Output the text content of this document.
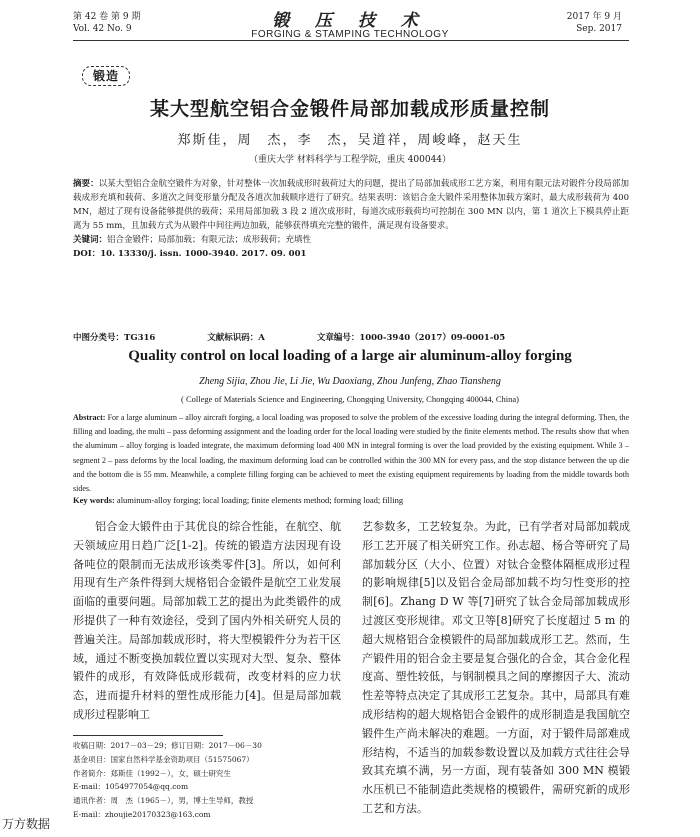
第 42 卷 第 9 期
Vol. 42 No. 9	锻 压 技 术
FORGING & STAMPING TECHNOLOGY
2017 年 9 月
Sep. 2017
锻造
某大型航空铝合金锻件局部加载成形质量控制
郑斯佳，周　杰，李　杰，吴道祥，周峻峰，赵天生
（重庆大学 材料科学与工程学院，重庆 400044）
摘要：以某大型铝合金航空锻件为对象，针对整体一次加载成形时载荷过大的问题，提出了局部加载成形工艺方案，利用有限元法对锻件分段局部加载成形充填和载荷、多道次之间变形量分配及各道次加载顺序进行了研究。结果表明：该铝合金大锻件采用整体加载方案时，最大成形载荷为 400 MN，超过了现有设备能够提供的载荷；采用局部加载 3 段 2 道次成形时，每道次成形载荷均可控制在 300 MN 以内，第 1 道次上下模具停止距离为 55 mm，且加载方式为从锻件中间往两边加载，能够获得填充完整的锻件，满足现有设备要求。
关键词：铝合金锻件；局部加载；有限元法；成形载荷；充填性
DOI：10. 13330/j. issn. 1000-3940. 2017. 09. 001
中图分类号：TG316	文献标识码：A	文章编号：1000-3940（2017）09-0001-05
Quality control on local loading of a large air aluminum-alloy forging
Zheng Sijia, Zhou Jie, Li Jie, Wu Daoxiang, Zhou Junfeng, Zhao Tiansheng
( College of Materials Science and Engineering, Chongqing University, Chongqing 400044, China)
Abstract: For a large aluminum – alloy aircraft forging, a local loading was proposed to solve the problem of the excessive loading during the integral deforming. Then, the filling and loading, the multi – pass deforming assignment and the loading order for the local loading were studied by the finite elements method. The results show that when the aluminum – alloy forging is loaded integrate, the maximum deforming load 400 MN in integral forming is over the load provided by the existing equipment. While 3 – segment 2 – pass deforms by the local loading, the maximum deforming load can be controlled within the 300 MN for every pass, and the stop distance between the up die and the bottom die is 55 mm. Meanwhile, a complete filling forging can be achieved to meet the existing equipment requirements by loading from the middle towards both sides.
Key words: aluminum-alloy forging; local loading; finite elements method; forming load; filling
铝合金大锻件由于其优良的综合性能，在航空、航天领域应用日趋广泛[1-2]。传统的锻造方法因现有设备吨位的限制而无法成形该类零件[3]。所以，如何利用现有生产条件得到大规格铝合金锻件是航空工业发展面临的重要问题。局部加载工艺的提出为此类锻件的成形提供了一种有效途径，受到了国内外相关研究人员的普遍关注。局部加载成形时，将大型模锻件分为若干区域，通过不断变换加载位置以实现对大型、复杂、整体锻件的成形，有效降低成形载荷，改变材料的应力状态，进而提升材料的塑性成形能力[4]。但是局部加载成形过程影响工
艺参数多，工艺较复杂。为此，已有学者对局部加载成形工艺开展了相关研究工作。孙志超、杨合等研究了局部加载分区（大小、位置）对钛合金整体隔框成形过程的影响规律[5]以及铝合金局部加载不均匀性变形的控制[6]。Zhang D W 等[7]研究了钛合金局部加载成形过渡区变形规律。邓文卫等[8]研究了长度超过 5 m 的超大规格铝合金模锻件的局部加载成形工艺。然而，生产锻件用的铝合金主要是复合强化的合金，其合金化程度高、塑性较低，与钢制模具之间的摩擦因子大、流动性差等特点决定了其成形工艺复杂。其中，局部具有难成形结构的超大规格铝合金锻件的成形制造是我国航空锻件生产尚未解决的难题。一方面，对于锻件局部难成形结构，不适当的加载参数设置以及加载方式往往会导致其充填不满，另一方面，现有装备如 300 MN 模锻水压机已不能制造此类规格的模锻件，需研究新的成形工艺和方法。
收稿日期：2017－03－29；修订日期：2017－06－30
基金项目：国家自然科学基金资助项目（51575067）
作者简介：郑斯佳（1992－），女，硕士研究生
E-mail：1054977054@qq.com
通讯作者：周　杰（1965－），男，博士生导师，教授
E-mail：zhoujie20170323@163.com
万方数据
